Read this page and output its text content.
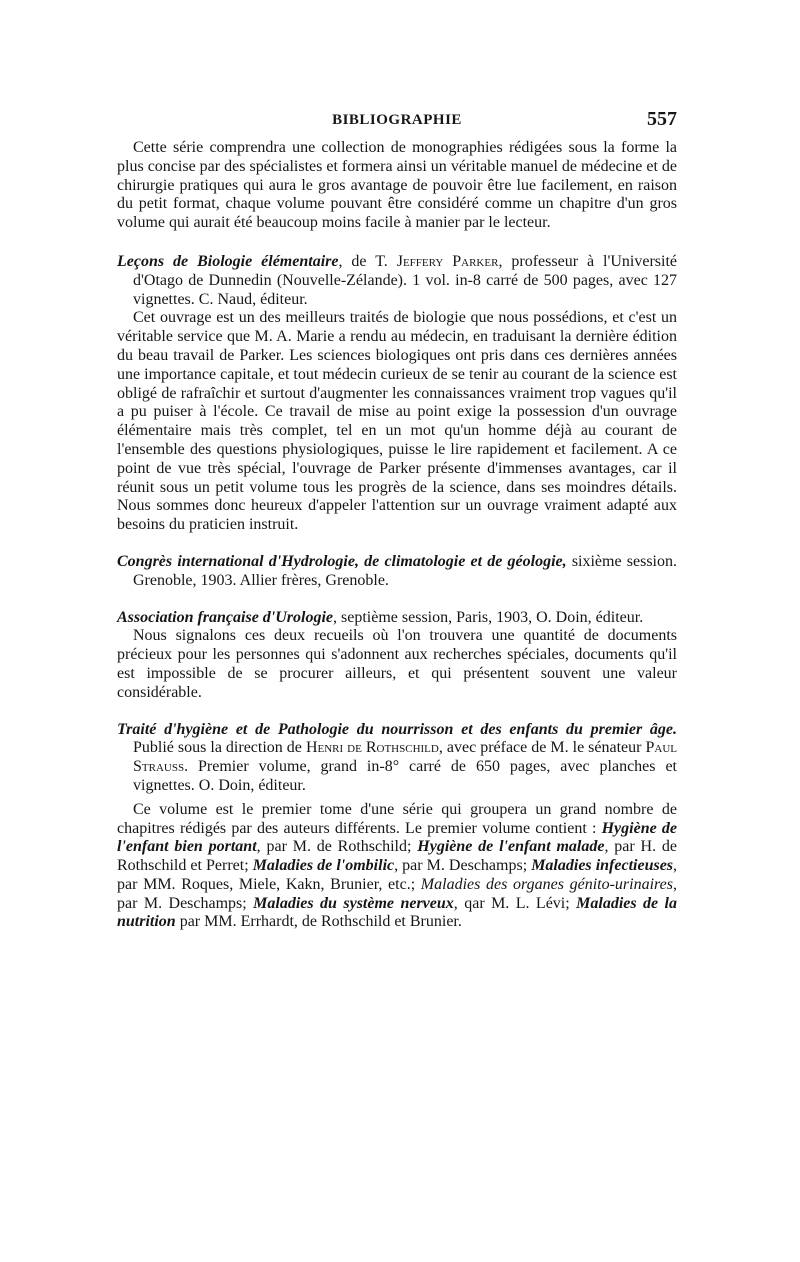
BIBLIOGRAPHIE	557

Cette série comprendra une collection de monographies rédigées sous la forme la plus concise par des spécialistes et formera ainsi un véritable manuel de médecine et de chirurgie pratiques qui aura le gros avantage de pouvoir être lue facilement, en raison du petit format, chaque volume pouvant être considéré comme un chapitre d'un gros volume qui aurait été beaucoup moins facile à manier par le lecteur.

Leçons de Biologie élémentaire, de T. Jeffery Parker, professeur à l'Université d'Otago de Dunnedin (Nouvelle-Zélande). 1 vol. in-8 carré de 500 pages, avec 127 vignettes. C. Naud, éditeur.

Cet ouvrage est un des meilleurs traités de biologie que nous possédions, et c'est un véritable service que M. A. Marie a rendu au médecin, en traduisant la dernière édition du beau travail de Parker. Les sciences biologiques ont pris dans ces dernières années une importance capitale, et tout médecin curieux de se tenir au courant de la science est obligé de rafraîchir et surtout d'augmenter les connaissances vraiment trop vagues qu'il a pu puiser à l'école. Ce travail de mise au point exige la possession d'un ouvrage élémentaire mais très complet, tel en un mot qu'un homme déjà au courant de l'ensemble des questions physiologiques, puisse le lire rapidement et facilement. A ce point de vue très spécial, l'ouvrage de Parker présente d'immenses avantages, car il réunit sous un petit volume tous les progrès de la science, dans ses moindres détails. Nous sommes donc heureux d'appeler l'attention sur un ouvrage vraiment adapté aux besoins du praticien instruit.

Congrès international d'Hydrologie, de climatologie et de géologie, sixième session. Grenoble, 1903. Allier frères, Grenoble.

Association française d'Urologie, septième session, Paris, 1903, O. Doin, éditeur.

Nous signalons ces deux recueils où l'on trouvera une quantité de documents précieux pour les personnes qui s'adonnent aux recherches spéciales, documents qu'il est impossible de se procurer ailleurs, et qui présentent souvent une valeur considérable.

Traité d'hygiène et de Pathologie du nourrisson et des enfants du premier âge. Publié sous la direction de Henri de Rothschild, avec préface de M. le sénateur Paul Strauss. Premier volume, grand in-8° carré de 650 pages, avec planches et vignettes. O. Doin, éditeur.

Ce volume est le premier tome d'une série qui groupera un grand nombre de chapitres rédigés par des auteurs différents. Le premier volume contient : Hygiène de l'enfant bien portant, par M. de Rothschild; Hygiène de l'enfant malade, par H. de Rothschild et Perret; Maladies de l'ombilic, par M. Deschamps; Maladies infectieuses, par MM. Roques, Miele, Kakn, Brunier, etc.; Maladies des organes génito-urinaires, par M. Deschamps; Maladies du système nerveux, qar M. L. Lévi; Maladies de la nutrition par MM. Errhardt, de Rothschild et Brunier.
